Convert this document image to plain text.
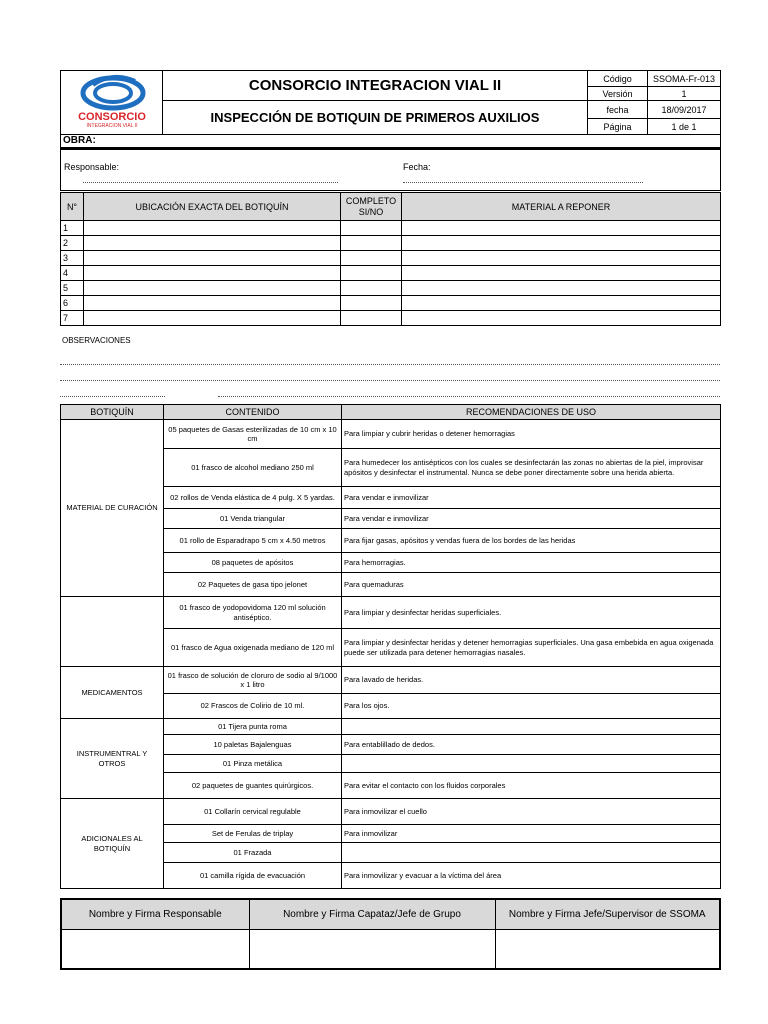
CONSORCIO
INTEGRACION VIAL II	CONSORCIO INTEGRACION VIAL II	Código	SSOMA-Fr-013
		Versión	1
	INSPECCIÓN DE BOTIQUIN DE PRIMEROS AUXILIOS	fecha	18/09/2017
		Página	1 de 1
OBRA:
Responsable:	Fecha:
N°	UBICACIÓN EXACTA DEL BOTIQUÍN	COMPLETO SI/NO	MATERIAL A REPONER
1			
2			
3			
4			
5			
6			
7			
OBSERVACIONES
BOTIQUÍN	CONTENIDO	RECOMENDACIONES DE USO
MATERIAL DE CURACIÓN	05 paquetes de Gasas esterilizadas de 10 cm x 10 cm	Para limpiar y cubrir heridas o detener hemorragias
	01 frasco de alcohol mediano 250 ml	Para humedecer los antisépticos con los cuales se desinfectarán las zonas no abiertas de la piel, improvisar apósitos y desinfectar el instrumental. Nunca se debe poner directamente sobre una herida abierta.
	02 rollos de Venda elástica de 4 pulg. X 5 yardas.	Para vendar e inmovilizar
	01 Venda triangular	Para vendar e inmovilizar
	01 rollo de Esparadrapo 5 cm x 4.50 metros	Para fijar gasas, apósitos y vendas fuera de los bordes de las heridas
	08 paquetes de apósitos	Para hemorragias.
	02 Paquetes de gasa tipo jelonet	Para quemaduras
	01 frasco de yodopovidoma 120 ml solución antiséptico.	Para limpiar y desinfectar heridas superficiales.
	01 frasco de Agua oxigenada mediano de 120 ml	Para limpiar y desinfectar heridas y detener hemorragias superficiales. Una gasa embebida en agua oxigenada puede ser utilizada para detener hemorragias nasales.
MEDICAMENTOS	01 frasco de solución de cloruro de sodio al 9/1000 x 1 litro	Para lavado de heridas.
	02 Frascos de Colirio de 10 ml.	Para los ojos.
INSTRUMENTRAL Y OTROS	01 Tijera punta roma	
	10 paletas Bajalenguas	Para entablillado de dedos.
	01 Pinza metálica	
	02 paquetes de guantes quirúrgicos.	Para evitar el contacto con los fluidos corporales
ADICIONALES AL BOTIQUÍN	01 Collarín cervical regulable	Para inmovilizar el cuello
	Set de Ferulas de triplay	Para inmovilizar
	01 Frazada	
	01 camilla rígida de evacuación	Para inmovilizar y evacuar a la víctima del área
Nombre y Firma Responsable	Nombre y Firma Capataz/Jefe de Grupo	Nombre y Firma Jefe/Supervisor de SSOMA
